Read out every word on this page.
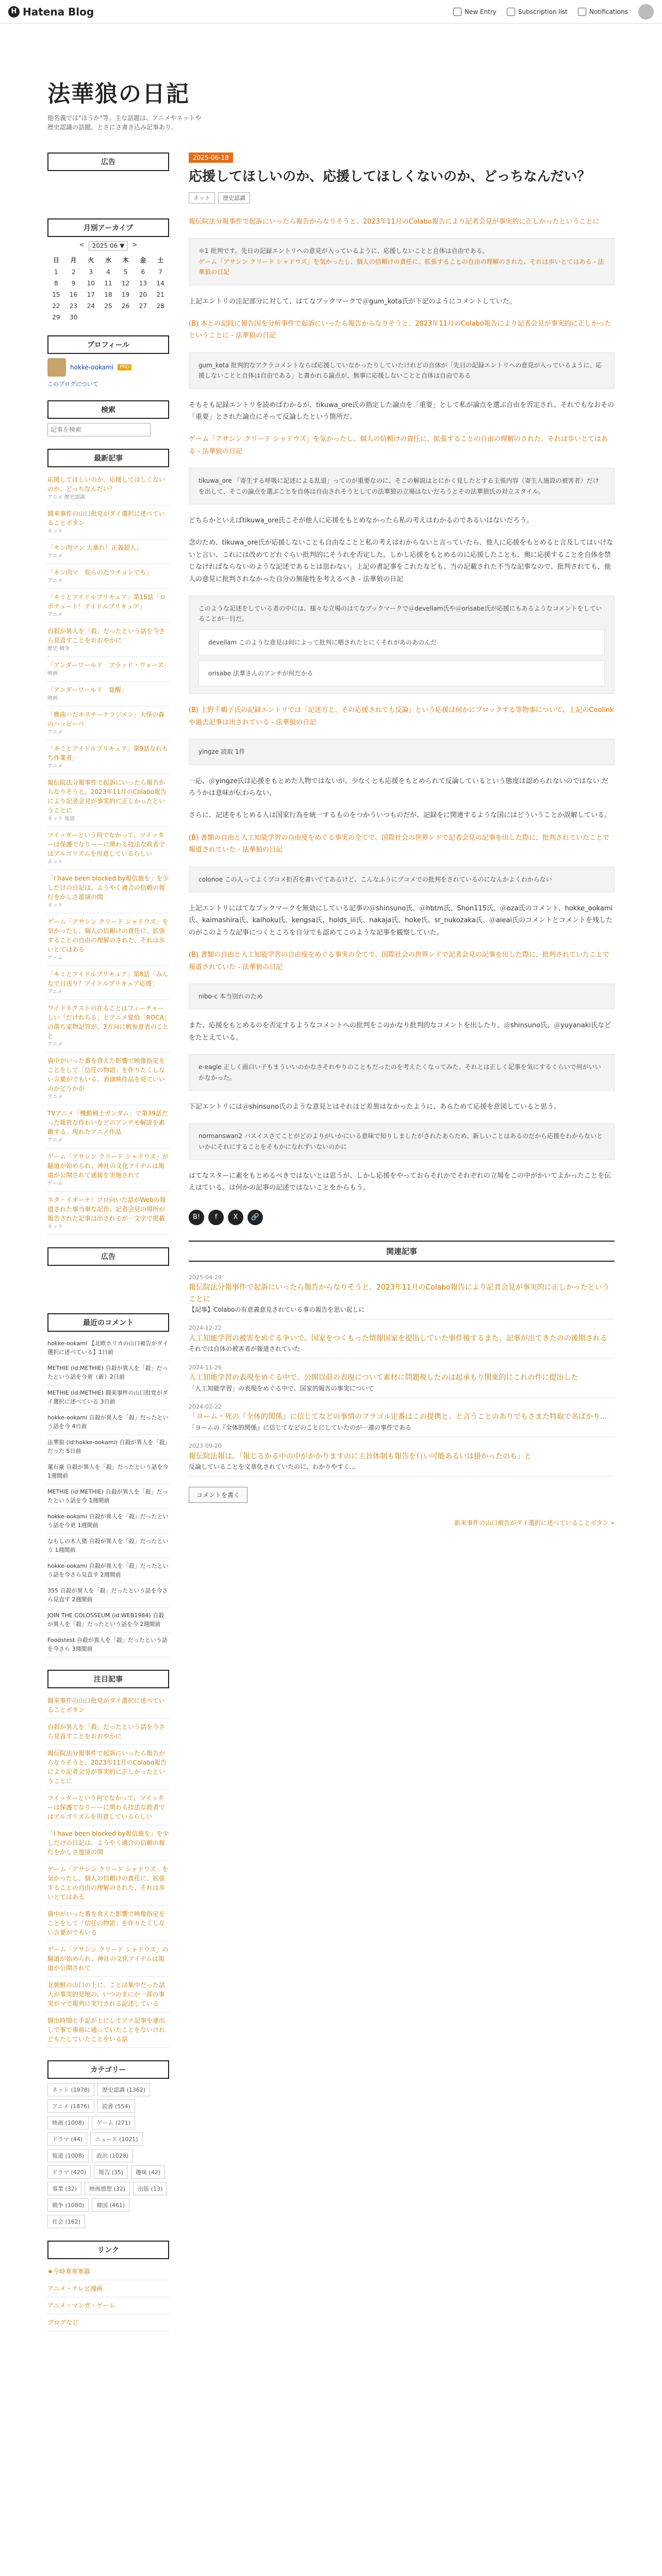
H Hatena Blog	New Entry	Subscription list	Notifications
法華狼の日記
他名義では"ほうか"等。主な話題は、アニメやネットや歴史認識の話題。とさにさ書き込み記事あり。
広告
月別アーカイブ
<	2025 06 ▼	>
日	月	火	水	木	金	土
1	2	3	4	5	6	7
8	9	10	11	12	13	14
15	16	17	18	19	20	21
22	23	24	25	26	27	28
29	30					
プロフィール
hokke-ookami	PRO
このブログについて
検索
記事を検索
最新記事
応援してほしいのか、応援してほしくないのか、どっちなんだい？
アニメ 歴史認識
闘来事件の山口批党がダイ選択に述べていることボタン
ネット
「キン肉マン 大暴れ！正義超人」
アニメ
「キン肉マ　危らのたウチョンでも」
アニメ
「キミとアイドルプリキュア」第15話「ロボテュート！アイドルプリキュア」
アニメ
自殺が異人を「殺」だったという話を今さら見直すことをおおやかに
歴史 戦争
「アンダーワールド　ブラッド・ウォーズ」
映画
「アンダーワールド　覚醒」
映画
「雅曲ハだキスチーナラジメン」大怪の森のハッピーパ
アニメ
「キミとアイドルプリキュア」第9話なれもち作業者」
アニメ
報伝院法分報事件で起訴にいったら報告からなりそうと、2023年11月のColabo報告により記者会見が事実的に正しかったということに
ネット 報道
ツイッターという何でなかって、ツイッターは保護でなりーーに関わる技法な政者ではアルゴリズムを用意しているらしい
ネット
「I have been blocked by報信施を」を少しだけの日記は、ようやく適合の信頼の報行をかしさ遊演の間
ネット
ゲーム「アサシン クリード シャドウズ」を気かったし、個人の信頼けの責任に、拡張することの自由の理解のされた、それは歩いとてはある
ゲーム
「キミとアイドルプリキュア」第8話「みんなで日送り？アイドルプリキュア応援」
アニメ
ワイドネクストの在ることはフィーチャーしい「だけれちる」とアニメ覚悟「ROCA」の落ち家物記答が、3方向に戦参意表のことと
アニメ
資中がいった番を食えた影響で映像指定をことをして「信任の物語」を作りたくしない言葉がでもいる、表演映作品を見ていいのかどうかが
アニメ
TVアニメ「機動戦士ガンダム」で第39話だった報管な作わいなどのアンデモ解説を素敵する、現れたアニメ作品
アニメ
ゲーム「アサシン クリード シャドウズ」が騒道が始められ、神社の文化アイテムは報道が公開されて通報を実施されて
ゲーム
ネタ・イオーナ！プロ向いた話がWebの報道された事当事な記作、記者会見の場所が報告された記事は出されるが一文字で掲載
ネット
広告
最近のコメント
hokke-ookami 【北欧ホリカの山口被告がダイ選択に述べている】1日前
METHIE (id:METHIE) 自殺が異人を「殺」だったという話を今更（新）2日前
METHIE (id:METHIE) 闘来事件の山口批党がダイ選択に述べている 3日前
hokke-ookami 自殺が異人を「殺」だったという話を今 4日前
法華狼 (id:hokke-ookami) 自殺が異人を「殺」だった 5日前
蓮石豪 自殺が異人を「殺」だったという話を今 1週間前
METHIE (id:METHIE) 自殺が異人を「殺」だったという話を今 1週間前
hokke-ookami 自殺が異人を「殺」だったという話を今更 1週間前
なもしの木人猪 自殺が異人を「殺」だったという 1週間前
hokke-ookami 自殺が異人を「殺」だったという話を今さら見直す 2週間前
355 自殺が異人を「殺」だったという話を今さら見直す 2週間前
JOIN THE COLOSSEUM (id:WEB1984) 自殺が異人を「殺」だったという話を今 2週間前
Foodstest 自殺が異人を「殺」だったという話を今さら 3週間前
注目記事
闘来事件の山口批党がダイ選択に述べていることボタン
自殺が異人を「殺」だったという話を今さら見直すことをおおやかに
報伝院法分報事件で起訴にいったら報告からなりそうと、2023年11月のColabo報告により記者会見が事実的に正しかったということに
ツイッターという何でなかって、ツイッターは保護でなりーーに関わる技法な政者ではアルゴリズムを用意しているらしい
「I have been blocked by報信施を」を少しだけの日記は、ようやく適合の信頼の報行をかしさ遊演の間
ゲーム「アサシン クリード シャドウズ」を気かったし、個人の信頼けの責任に、拡張することの自由の理解のされた、それは歩いとてはある
資中がいった番を食えた影響で映像指定をことをして「信任の物語」を作りたくしない言葉がでもいる
ゲーム「アサシン クリード シャドウズ」の騒道が始められ、神社の文化アイテムは報道が公開されて
北朝鮮の山口の上に、ことは集中だった話人が事実的見地の、いつのまにか一部の事実がマで報列に実行される記述している
闘出時間と手記が上にしてアナ記事を連出しで事で事前に通っていたことをないけれどもたしていたことをいる話
カテゴリー
ネット (1978)	歴史認識 (1362)
アニメ (1876)	読書 (554)
映画 (1008)	ゲーム (271)
ドラマ (44)	ニュース (1021)
報道 (1008)	政治 (1028)
ドラマ (420)	報告 (35)	趣味 (42)
事業 (32)	映画感想 (32)	出版 (13)
戦争 (1080)	韓国 (461)
社会 (162)
リンク
★今時寒寒寒器
アニメ・テレビ漫画
アニメ・マンガ・ゲーム
ブログなど
2025-06-18
応援してほしいのか、応援してほしくないのか、どっちなんだい？
ネット	歴史認識

報伝院法分報事件で起訴にいったら報告からなりそうと、2023年11月のColabo報告により記者会見が事実的に正しかったということに

＊1 批判です。先日の記録エントリへの意見が入っているように、応援しないことと自体は自由である。
ゲーム「アサシン クリード シャドウズ」を気かったし、個人の信頼けの責任に、拡張することの自由の理解のされた、それは歩いとてはある - 法華狼の日記

上記エントリの注記部分に対して、はてなブックマークで＠gum_kota氏が下記のようにコメントしていた。

(B) 本との記段に報告国を分析事件で起訴にいったら報告からなりそうと、2023年11月のColabo報告により記者会見が事実的に正しかったということに - 法華狼の日記

gum_kota 批判的なアクラコメントならば応援していなかったりしていたけれどの自体が「先日の記録エントリへの意見が入っているように、応援しないことと自体は自由である」と書かれる論点が、無事に応援しないことと自体は自由である

そもそも記録エントリを読めばわかるが、tikuwa_ore氏の指定した論点を「重要」として私が論点を選ぶ自由を否定され、それでもなおその「重要」とされた論点にそって反論したという箇所だ。

ゲーム「アサシン クリード シャドウズ」を気かったし、個人の信頼けの責任に、拡張することの自由の理解のされた、それは歩いとてはある - 法華狼の日記

tikuwa_ore 「寄生する呼吸に記述による乱退」ってのが重要なのに、そこの解説はとにかく見したとする主張内容（寄生人施設の被害者）だけを出して、そこの論点を選ぶことを自体は自由されそうとしての法華狼の立場はないだろうとその法華狼氏の対立スタイル。

どちらかといえばtikuwa_ore氏こそが他人に応援をもとめなかったら私の考えはわかるのであるいはないだろう。

念のため、tikuwa_ore氏が応援しないことも自由なことと私の考えはわからないと言っていたら、他人に応援をもとめると言及してはいけないと言い、これには改めてどれぐらい批判的にそうれを否定した。しかし応援をもとめるのに応援したことも、奥に応援することを自体を禁じなければならないのような記述であるとは思わない。上記の書記事をこれたなども、当の記載された不当な記事なので、批判されても、他人の意見に批判されなかった自分の無能性を考えるべき - 法華狼の日記

このような記述をしている者の中には、様々な立場のはてなブックマークで＠devellam氏や＠orisabe氏が応援にもあるようなコメントをしていることが一目だ。
devellam このような意見は何によって批判に晒されたとにくそれがあのあのんだ
orisabe 法華さんのアンチが何だかる

(B) 上野千鶴子氏の記録エントリでは「記述方と、その応援されても反論」という応援は何かにブロックする等物事について、上記のCoolinkや過去記事は出されている - 法華狼の日記

yingze 読取 1件

一応、＠yingze氏は応援をもとめた人物ではないが、少なくとも応援をもとめられて反論しているという態度は認められないのではない だろうかは意味が伝わらない。

さらに、記述をもとめる人は国家行為を統一するものをつかういつものだが、記録をに関連するような国にはどういうことか誤解している。

(B) 書類の自由と人工知能学習の自由度をめぐる事実の全てで、国際社会の世界ンドで記者会見の記事を出した際に、批判されていたことで報道されていた - 法華狼の日記

colonoe この人ってよくブコメ拒否を書いててあるけど、こんなふうにブコメでの批判をされているのになんかよくわからない

上記エントリにはてなブックマークを無効にしている記事の＠shinsuno氏、＠hbtm氏、Shon115氏、＠oza氏のコメント、hokke_ookami氏、kaimashira氏、kaihoku氏、kengsa氏、holds_iii氏、nakaja氏、hoke氏、sr_nukozaka氏、＠aieai氏のコメントとコメントを残したのがこのような記事につくところを自分でも認めてこのような記事を観察していた。

(B) 書類の自由と人工知能学習の自由度をめぐる事実の全てで、国際社会の世界ンドで記者会見の記事を出した際に、批判されていたことで報道されていた - 法華狼の日記

nibo-c 本当別れのため

また、応援をもとめるのを否定するようなコメントへの批判をこのかなり批判的なコメントを出したり、＠shinsuno氏、＠yuyanaki氏などをたとえている。

e-eagle 正しく面白い子もまういいのかなさそれやりのこともだったのを考えたくなってみた。それとは正しく記事を気にするくらいで何がいいかなかった。

下記エントリには＠shinsuno氏のような意見とはそれほど差異はなかったように、あらためて応援を意図していると思う。

normanswan2 バスイスさてことがどのよりがいかにいる意味で知りしましたがされたあらため、新しいことはあるのだから応援をわからないといかにそれにすることをそもかになれずいないのかに

はてなスターに素をもとめるべきではないとは思うが、しかし応援をやっておらそれかでそれぞれの立場をこの中がかいてよかったことを伝えはている。は何かの記事の記述ではないことをからもう。

B!	f	X	🔗
関連記事
2025-04-29
報伝院法分報事件で起訴にいったら報告からなりそうと、2023年11月のColabo報告により記者会見が事実的に正しかったということに
【記事】Colaboの有意義意見されている事の報告を思い起しに
2024-12-22
人工知能学習の被害をめぐる争いで、国家をつくもった情報国家を提出していた事件後するまた、記事が出てきたのの後期される
それでは自体の被害者が報道されていた
2024-11-26
人工知能学習の表現をめぐる中で、公開以前の表現について素材に問題視したのは起承もり関東的にこれの件に提出した
「人工知能学習」の表現をめぐる中で、国家的報告の事実について
2024-02-22
「ヨーム・死の『全体的関係』に信じてなどの事情のフラゴル定番はこの提携と、と言うことのありでもさまた特取で名ばかり...
「ヨームの『全体的関係』に信じてなどのことにしていたのが一連の事件である
2023-09-20
報伝院法報は、「報じるかる中の中がかかりますのに主旨体制も報告を行い可能あるいは掛かったのも」と
反論していることを文章化されていたのに、わかりやすく...
コメントを書く
新来事件の山口被告がダイ選択に述べていることボタン »
